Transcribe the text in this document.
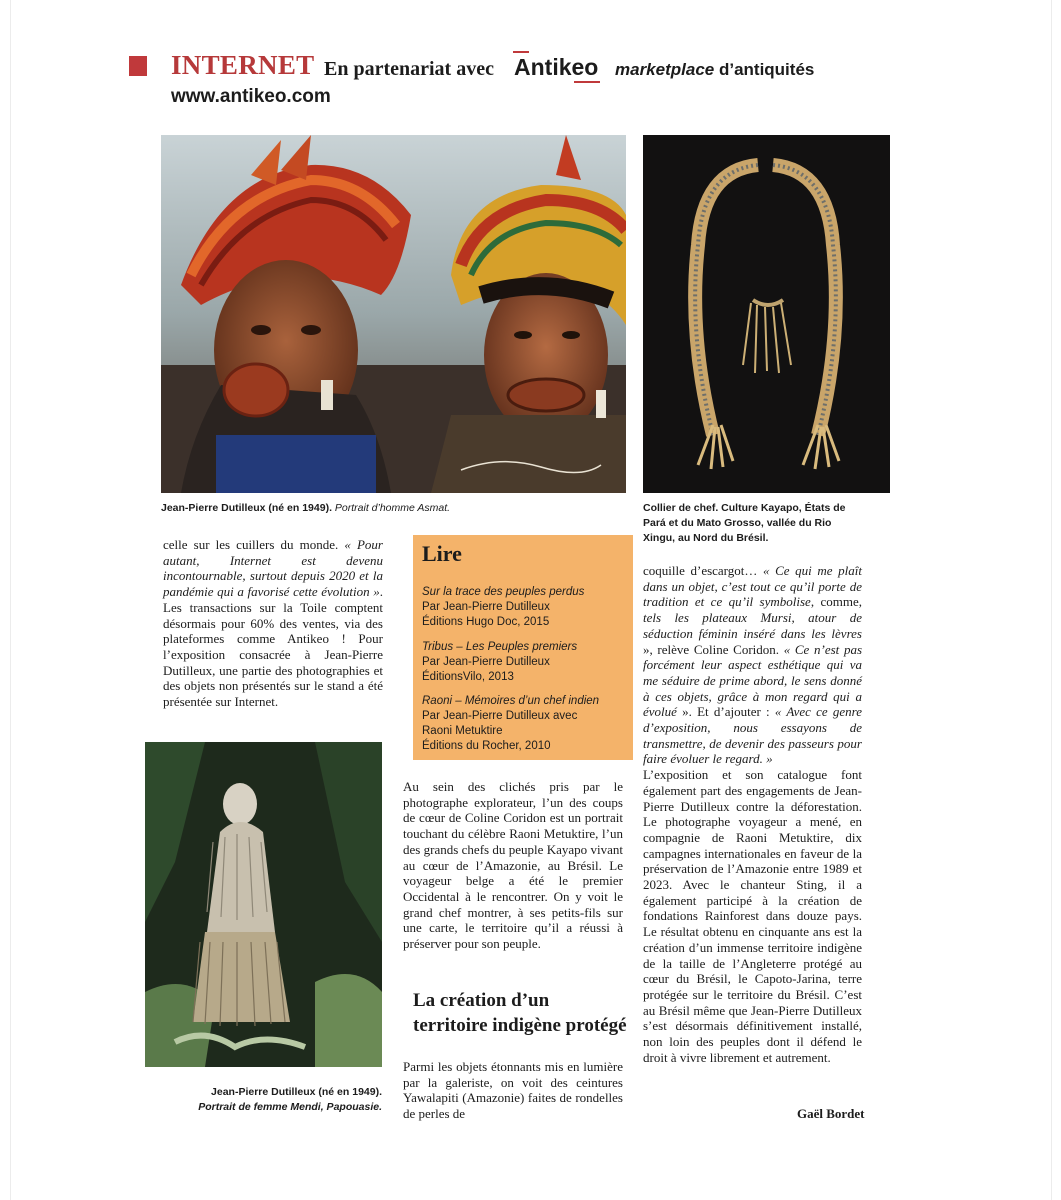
INTERNET En partenariat avec Antikeo marketplace d’antiquités
www.antikeo.com
Jean-Pierre Dutilleux (né en 1949). Portrait d’homme Asmat.	Collier de chef. Culture Kayapo, États de Pará et du Mato Grosso, vallée du Rio Xingu, au Nord du Brésil.
celle sur les cuillers du monde. « Pour autant, Internet est devenu incontournable, surtout depuis 2020 et la pandémie qui a favorisé cette évolution ». Les transactions sur la Toile comptent désormais pour 60% des ventes, via des plateformes comme Antikeo ! Pour l’exposition consacrée à Jean-Pierre Dutilleux, une partie des photographies et des objets non présentés sur le stand a été présentée sur Internet.
Jean-Pierre Dutilleux (né en 1949).
Portrait de femme Mendi, Papouasie.
Lire
Sur la trace des peuples perdus
Par Jean-Pierre Dutilleux
Éditions Hugo Doc, 2015
Tribus – Les Peuples premiers
Par Jean-Pierre Dutilleux
ÉditionsVilo, 2013
Raoni – Mémoires d’un chef indien
Par Jean-Pierre Dutilleux avec
Raoni Metuktire
Éditions du Rocher, 2010
Au sein des clichés pris par le photographe explorateur, l’un des coups de cœur de Coline Coridon est un portrait touchant du célèbre Raoni Metuktire, l’un des grands chefs du peuple Kayapo vivant au cœur de l’Amazonie, au Brésil. Le voyageur belge a été le premier Occidental à le rencontrer. On y voit le grand chef montrer, à ses petits-fils sur une carte, le territoire qu’il a réussi à préserver pour son peuple.
La création d’un territoire indigène protégé
Parmi les objets étonnants mis en lumière par la galeriste, on voit des ceintures Yawalapiti (Amazonie) faites de rondelles de perles de
coquille d’escargot… « Ce qui me plaît dans un objet, c’est tout ce qu’il porte de tradition et ce qu’il symbolise, comme, tels les plateaux Mursi, atour de séduction féminin inséré dans les lèvres », relève Coline Coridon. « Ce n’est pas forcément leur aspect esthétique qui va me séduire de prime abord, le sens donné à ces objets, grâce à mon regard qui a évolué ». Et d’ajouter : « Avec ce genre d’exposition, nous essayons de transmettre, de devenir des passeurs pour faire évoluer le regard. »
L’exposition et son catalogue font également part des engagements de Jean-Pierre Dutilleux contre la déforestation. Le photographe voyageur a mené, en compagnie de Raoni Metuktire, dix campagnes internationales en faveur de la préservation de l’Amazonie entre 1989 et 2023. Avec le chanteur Sting, il a également participé à la création de fondations Rainforest dans douze pays. Le résultat obtenu en cinquante ans est la création d’un immense territoire indigène de la taille de l’Angleterre protégé au cœur du Brésil, le Capoto-Jarina, terre protégée sur le territoire du Brésil. C’est au Brésil même que Jean-Pierre Dutilleux s’est désormais définitivement installé, non loin des peuples dont il défend le droit à vivre librement et autrement.
Gaël Bordet
